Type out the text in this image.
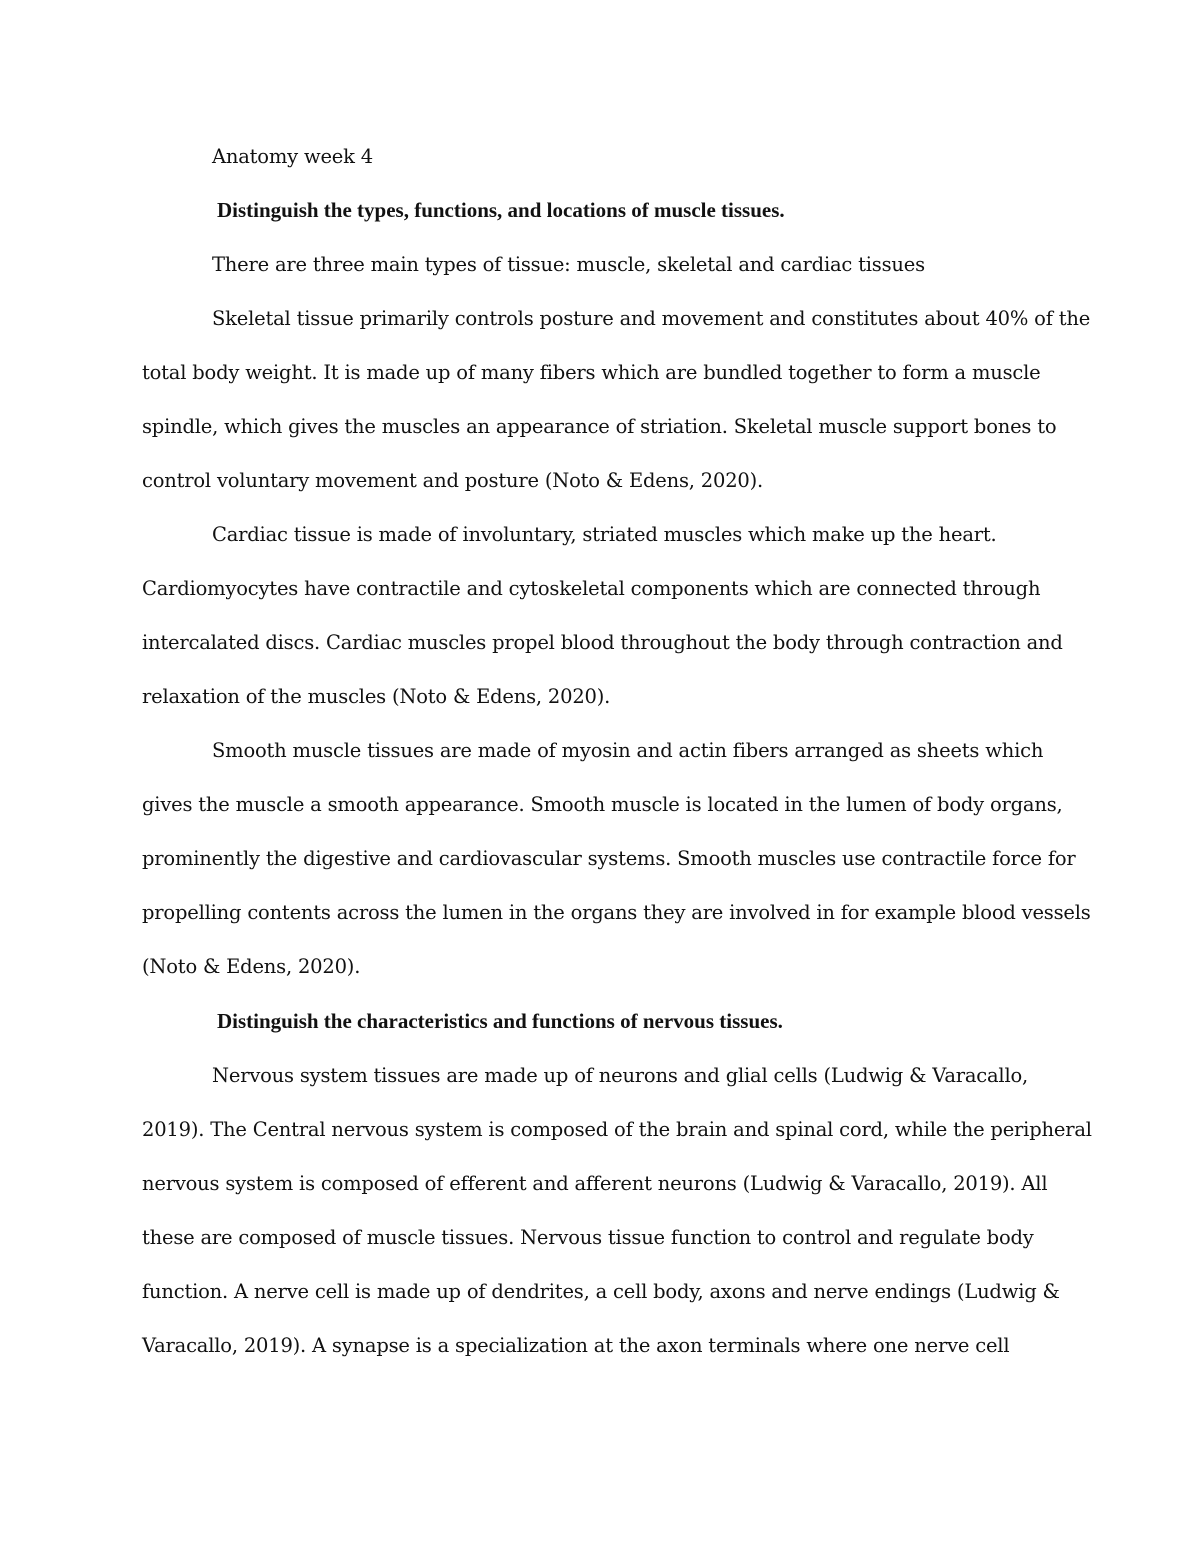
Anatomy week 4
Distinguish the types, functions, and locations of muscle tissues.
There are three main types of tissue: muscle, skeletal and cardiac tissues
Skeletal tissue primarily controls posture and movement and constitutes about 40% of the
total body weight. It is made up of many fibers which are bundled together to form a muscle
spindle, which gives the muscles an appearance of striation. Skeletal muscle support bones to
control voluntary movement and posture (Noto & Edens, 2020).
Cardiac tissue is made of involuntary, striated muscles which make up the heart.
Cardiomyocytes have contractile and cytoskeletal components which are connected through
intercalated discs. Cardiac muscles propel blood throughout the body through contraction and
relaxation of the muscles (Noto & Edens, 2020).
Smooth muscle tissues are made of myosin and actin fibers arranged as sheets which
gives the muscle a smooth appearance. Smooth muscle is located in the lumen of body organs,
prominently the digestive and cardiovascular systems. Smooth muscles use contractile force for
propelling contents across the lumen in the organs they are involved in for example blood vessels
(Noto & Edens, 2020).
Distinguish the characteristics and functions of nervous tissues.
Nervous system tissues are made up of neurons and glial cells (Ludwig & Varacallo,
2019). The Central nervous system is composed of the brain and spinal cord, while the peripheral
nervous system is composed of efferent and afferent neurons (Ludwig & Varacallo, 2019). All
these are composed of muscle tissues. Nervous tissue function to control and regulate body
function. A nerve cell is made up of dendrites, a cell body, axons and nerve endings (Ludwig &
Varacallo, 2019). A synapse is a specialization at the axon terminals where one nerve cell
